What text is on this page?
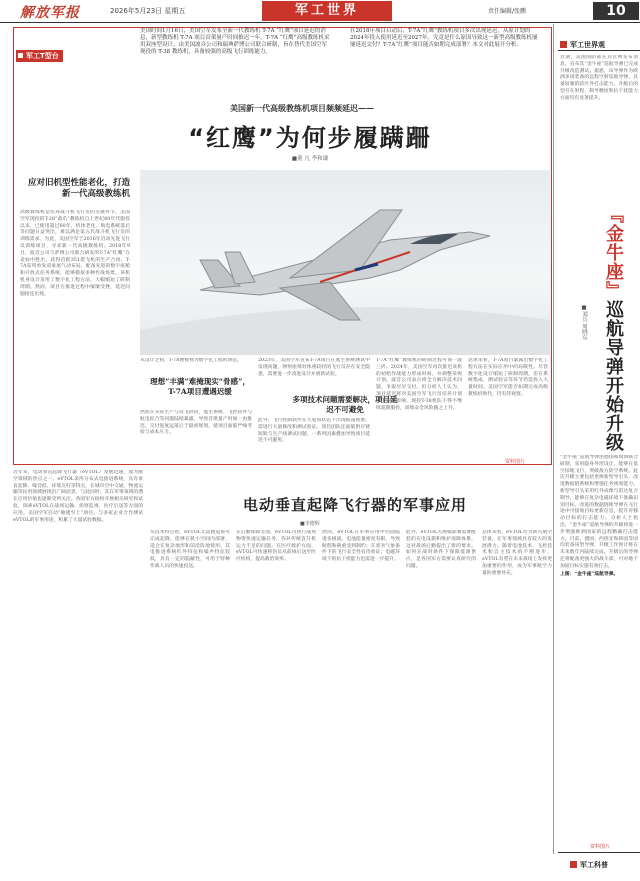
解放军报	2026年5月23日 星期五	军工世界	责任编辑/张鹏	10
军工T型台
美国时间1月16日，美国空军发布全新一代教练机 T-7A “红鹰”项目延迟的消息，新型教练机 T-7A 项目首架量产时间推迟一年。T-7A “红鹰”高级教练机采用双座型设计，由美国波音公司和瑞典萨博公司联合研制，旨在替代美国空军现役的 T-38 教练机，具备较强的高级飞行训练能力。
在2018年项目启动后，T-7A“红鹰”教练机项目多次出现延迟，从原计划的2024年投入使用延迟至2027年。究竟是什么原因导致这一新型高级教练机屡屡延迟交付？T-7A“红鹰”项目能否如期完成部署？本文对此展开分析。
美国新一代高级教练机项目频频延迟——
“红鹰”为何步履蹒跚
■董 凡 李和谦
应对旧机型性能老化，打造新一代高级教练机
高级教练机是培养战斗机飞行员的关键环节。美国空军现役的T-38“禽爪”教练机自上世纪60年代服役以来，已使用超过60年，机体老化、航电系统落后等问题日益突出，难以满足第五代战斗机飞行员的训练需求。为此，美国空军于2016年启动先进飞行员训练项目，寻求新一代高级教练机。2018年9月，波音公司与萨博公司联合研发的T-7A“红鹰”在竞标中胜出，获得首批351架飞机的生产合同。T-7A采用单发双垂尾气动布局，配备先进的数字座舱和开放式任务系统，能够模拟多种作战场景。该机机身设计采用了数字化工程方法，大幅缩短了研制周期。然而，项目在推进过程中屡屡受挫，延迟问题接连出现。
从设计之初，T-7A便被视为数字化工程的典范。
理想“丰满”难掩现实“骨感”，T-7A项目遭遇迟缓
然而在实际生产与试飞阶段，逃生系统、飞控软件与航电综合等问题陆续暴露，导致首批量产时间一再推迟，交付进度远落后于最初规划，使项目面临严峻考验与成本压力。
2023年，美国空军宣布T-7A项目在逃生系统测试中发现问题，弹射座椅对体重较轻的飞行员存在安全隐患，需要进一步改进设计并重新试验。
多项技术问题需要解决，项目延迟不可避免
此外，飞行控制软件在大迎角状态下出现振荡现象，需进行大量修改和测试验证。项目团队还面临供应链短缺与生产线调试问题，一系列因素叠加导致项目延迟不可避免。
T-7A“红鹰”教练机的研制过程可谓一波三折。2024年，美国空军再次推迟该机的初始作战能力形成时间，并调整采购计划。波音公司表示将全力解决技术问题，争取尽早交付。但分析人士认为，项目延迟将对美国空军飞行员培养计划产生连锁影响，现役T-38机队不得不继续超期服役，训练安全风险随之上升。
总体来看，T-7A项目暴露出数字化工程方法在实际应用中的局限性。尽管数字化设计缩短了研制周期，但在系统集成、测试验证等环节仍需投入大量时间。美国空军能否如期完成高级教练机换代，仍有待观察。
资料图片
军工世界观
近期，美国国防部在其官网发布消息，宣布其“金牛座”巡航导弹已完成升级改造测试。据悉，该导弹作为欧洲多国装备的远程空射巡航导弹，具备较强的防区外打击能力，升级后的型号在射程、制导精度和抗干扰能力方面均有显著提升。
『金牛座』巡航导弹开始升级
■刘兵 周晓东
“金牛座”巡航导弹由德国和瑞典联合研制，采用隐身外形设计，能够在低空掠地飞行，突破敌方防空系统。此次升级主要包括更换新型导引头、改进数据链系统和增强任务规划能力。新型导引头采用红外成像与雷达复合制导，能够在复杂电磁环境下准确识别目标。改进的数据链使导弹在飞行途中可接收目标更新信息，提升对移动目标的打击能力。分析人士指出，“金牛座”巡航导弹的升级将进一步增强欧洲国家的远程精确打击能力。目前，德国、西班牙和韩国等国均装备该型导弹，升级工作预计将在未来数年内陆续完成。升级后的导弹还将配备更强大的战斗部，可对地下加固目标实施有效打击。
上图：“金牛座”巡航导弹。
资料图片
军工科普
近年来，电动垂直起降飞行器（eVTOL）发展迅速，成为航空领域的热点之一。eVTOL采用分布式电推进系统，具有垂直起降、噪音低、环境友好等特点，在城市空中交通、物流运输等民用领域展现出广阔前景。与此同时，其在军事领域的潜在应用价值也逐渐受到关注。各国军方纷纷开展相关研究和试验，探索eVTOL在战场运输、侦察监视、医疗后送等方面的应用。美国空军启动“敏捷至上”项目，与多家企业合作测试eVTOL的军事用途，积累了大量试验数据。
电动垂直起降飞行器的军事应用
■李德辉
从技术特点看，eVTOL无需跑道即可完成起降，能够在狭小空间内部署，适合在复杂地形和前沿阵地使用。其电推进系统红外特征和噪声特征较低，具有一定的隐蔽性，可用于特种作战人员的快速投送。
在后勤保障方面，eVTOL可执行战场物资快速运输任务，弥补传统直升机运力不足的问题。在医疗救护方面，eVTOL可快速将伤员从前线后送至医疗机构，提高救治效率。
然而，eVTOL在军事应用中仍面临诸多挑战。电池能量密度有限，导致航程和载重受到制约；在恶劣气象条件下的飞行安全性有待验证；电磁环境下的抗干扰能力也需进一步提升。
此外，eVTOL大规模部署需要配套的充电设施和维护保障体系，这对战场后勤提出了新的要求。如何在战时条件下保障能源供应，是各国军方需要认真研究的问题。
总体来看，eVTOL作为新兴航空装备，在军事领域具有较大的发展潜力。随着电池技术、飞控技术和自主技术的不断进步，eVTOL有望在未来战场上发挥更加重要的作用，成为军事航空力量的重要补充。
